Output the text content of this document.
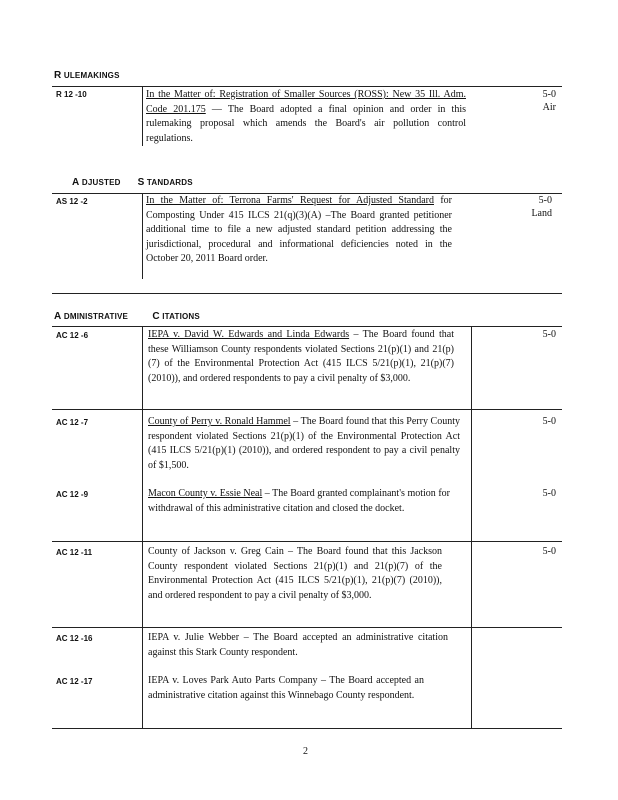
R ULEMAKINGS
R 12 -10	In the Matter of: Registration of Smaller Sources (ROSS): New 35 Ill. Adm. Code 201.175 –– The Board adopted a final opinion and order in this rulemaking proposal which amends the Board's air pollution control regulations.
5-0
Air
A DJUSTED S TANDARDS
AS 12 -2	In the Matter of: Terrona Farms' Request for Adjusted Standard for Composting Under 415 ILCS 21(q)(3)(A) –The Board granted petitioner additional time to file a new adjusted standard petition addressing the jurisdictional, procedural and informational deficiencies noted in the October 20, 2011 Board order.
5-0
Land
A DMINISTRATIVE C ITATIONS
AC 12 -6	IEPA v. David W. Edwards and Linda Edwards – The Board found that these Williamson County respondents violated Sections 21(p)(1) and 21(p)(7) of the Environmental Protection Act (415 ILCS 5/21(p)(1), 21(p)(7) (2010)), and ordered respondents to pay a civil penalty of $3,000.
5-0
AC 12 -7	County of Perry v. Ronald Hammel – The Board found that this Perry County respondent violated Sections 21(p)(1) of the Environmental Protection Act (415 ILCS 5/21(p)(1) (2010)), and ordered respondent to pay a civil penalty of $1,500.
5-0
AC 12 -9	Macon County v. Essie Neal – The Board granted complainant's motion for withdrawal of this administrative citation and closed the docket.
5-0
AC 12 -11	County of Jackson v. Greg Cain – The Board found that this Jackson County respondent violated Sections 21(p)(1) and 21(p)(7) of the Environmental Protection Act (415 ILCS 5/21(p)(1), 21(p)(7) (2010)), and ordered respondent to pay a civil penalty of $3,000.
5-0
AC 12 -16	IEPA v. Julie Webber – The Board accepted an administrative citation against this Stark County respondent.
AC 12 -17	IEPA v. Loves Park Auto Parts Company – The Board accepted an administrative citation against this Winnebago County respondent.
2
